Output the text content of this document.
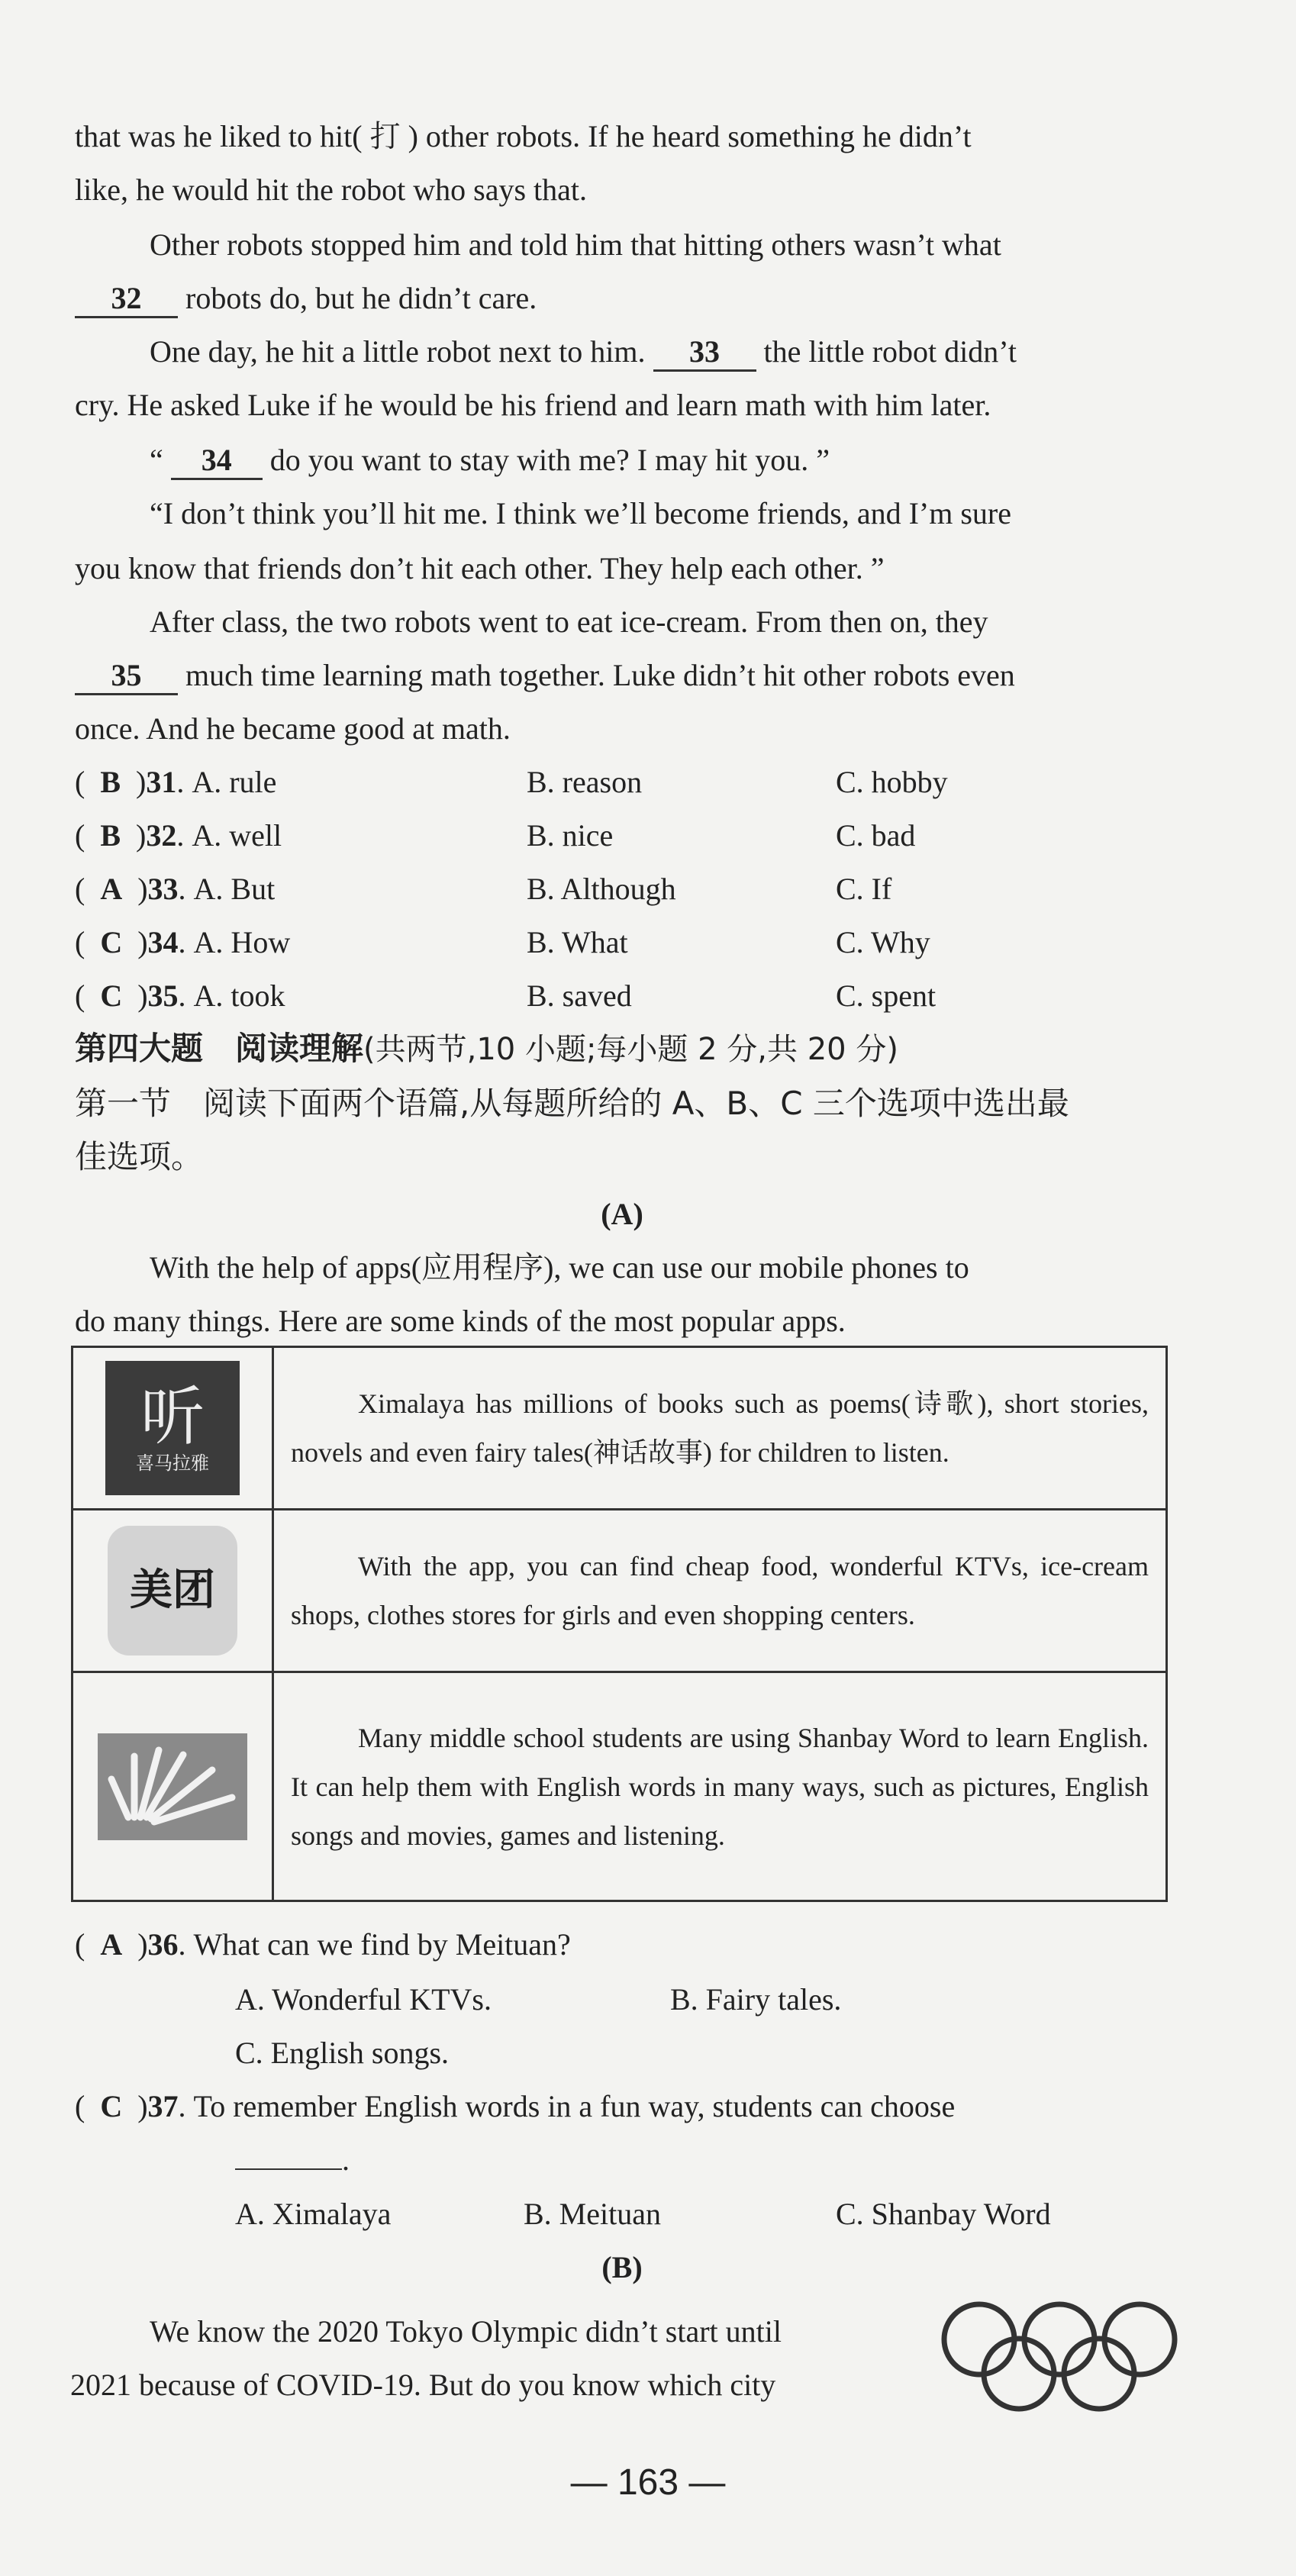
that was he liked to hit( 打 ) other robots. If he heard something he didn’t
like, he would hit the robot who says that.
Other robots stopped him and told him that hitting others wasn’t what
32 robots do, but he didn’t care.
One day, he hit a little robot next to him. 33 the little robot didn’t
cry. He asked Luke if he would be his friend and learn math with him later.
“ 34 do you want to stay with me? I may hit you. ”
“I don’t think you’ll hit me. I think we’ll become friends, and I’m sure
you know that friends don’t hit each other. They help each other. ”
After class, the two robots went to eat ice-cream. From then on, they
35 much time learning math together. Luke didn’t hit other robots even
once. And he became good at math.
(  B  )31. A. rule	B. reason	C. hobby
(  B  )32. A. well	B. nice	C. bad
(  A  )33. A. But	B. Although	C. If
(  C  )34. A. How	B. What	C. Why
(  C  )35. A. took	B. saved	C. spent
第四大题　阅读理解(共两节,10 小题;每小题 2 分,共 20 分)
第一节　阅读下面两个语篇,从每题所给的 A、B、C 三个选项中选出最
佳选项。
(A)
With the help of apps(应用程序), we can use our mobile phones to
do many things. Here are some kinds of the most popular apps.
听
喜马拉雅	Ximalaya has millions of books such as poems(诗歌), short stories, novels and even fairy tales(神话故事) for children to listen.

美团	With the app, you can find cheap food, wonderful KTVs, ice-cream shops, clothes stores for girls and even shopping centers.

	Many middle school students are using Shanbay Word to learn English. It can help them with English words in many ways, such as pictures, English songs and movies, games and listening.
(  A  )36. What can we find by Meituan?
A. Wonderful KTVs.	B. Fairy tales.
C. English songs.
(  C  )37. To remember English words in a fun way, students can choose
.
A. Ximalaya	B. Meituan	C. Shanbay Word
(B)
We know the 2020 Tokyo Olympic didn’t start until
2021 because of COVID-19. But do you know which city
— 163 —
